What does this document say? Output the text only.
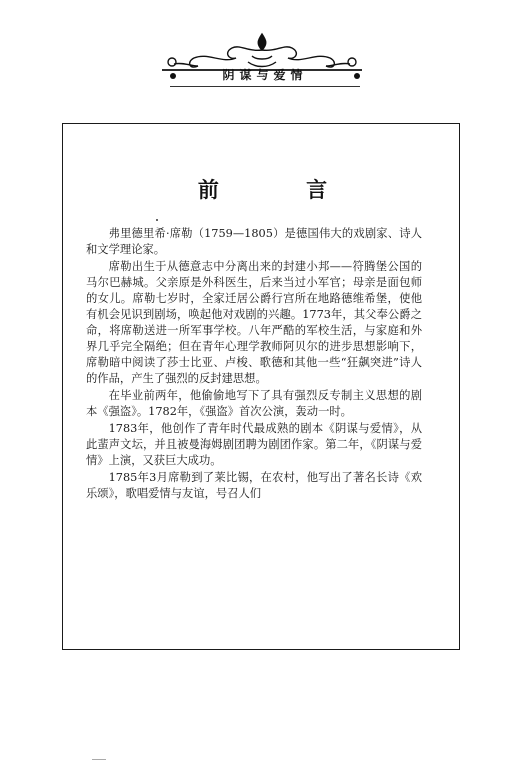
阴谋与爱情
前 言

弗里德里希·席勒（1759—1805）是德国伟大的戏剧家、诗人和文学理论家。

席勒出生于从德意志中分离出来的封建小邦——符腾堡公国的马尔巴赫城。父亲原是外科医生，后来当过小军官；母亲是面包师的女儿。席勒七岁时，全家迁居公爵行宫所在地路德维希堡，使他有机会见识到剧场，唤起他对戏剧的兴趣。1773年，其父奉公爵之命，将席勒送进一所军事学校。八年严酷的军校生活，与家庭和外界几乎完全隔绝；但在青年心理学教师阿贝尔的进步思想影响下，席勒暗中阅读了莎士比亚、卢梭、歌德和其他一些“狂飙突进”诗人的作品，产生了强烈的反封建思想。

在毕业前两年，他偷偷地写下了具有强烈反专制主义思想的剧本《强盗》。1782年，《强盗》首次公演，轰动一时。

1783年，他创作了青年时代最成熟的剧本《阴谋与爱情》，从此蜚声文坛，并且被曼海姆剧团聘为剧团作家。第二年，《阴谋与爱情》上演，又获巨大成功。

1785年3月席勒到了莱比锡，在农村，他写出了著名长诗《欢乐颂》，歌唱爱情与友谊，号召人们
